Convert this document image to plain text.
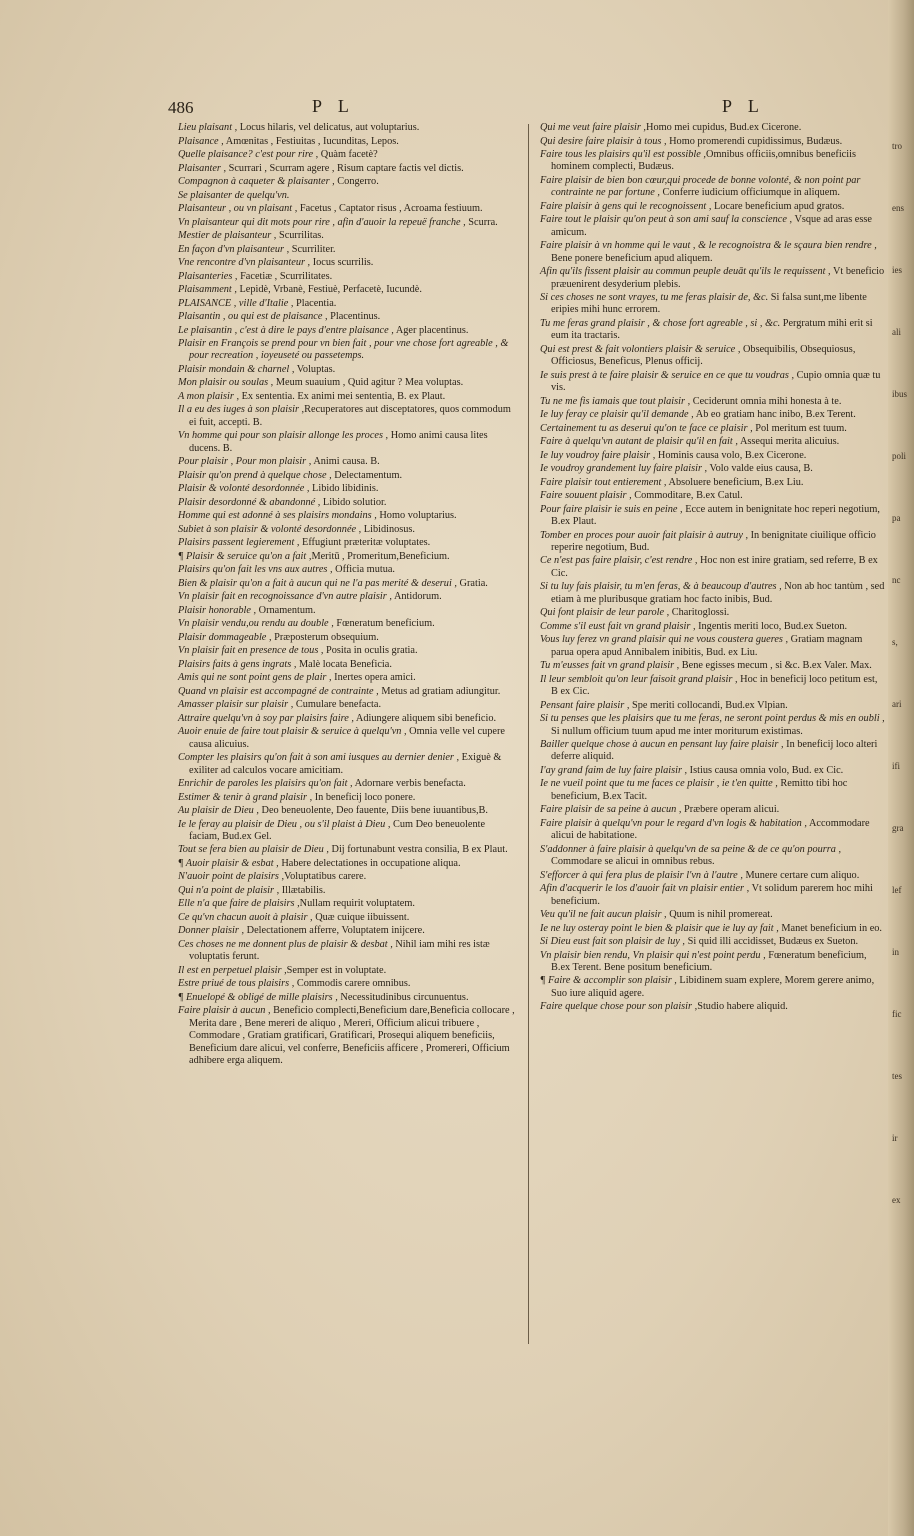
tro
ens
ies
ali
ibus
poli
pa
nc
s,
ari
ifi
gra
lef
in
fic
tes
ir
ex
486	P L	P L

Lieu plaisant , Locus hilaris, vel delicatus, aut voluptarius.

Plaisance , Amœnitas , Festiuitas , Iucunditas, Lepos.

Quelle plaisance? c'est pour rire , Quàm facetè?

Plaisanter , Scurrari , Scurram agere , Risum captare factis vel dictis.

Compagnon à caqueter & plaisanter , Congerro.

Se plaisanter de quelqu'vn.

Plaisanteur , ou vn plaisant , Facetus , Captator risus , Acroama festiuum.

Vn plaisanteur qui dit mots pour rire , afin d'auoir la repeuë franche , Scurra.

Mestier de plaisanteur , Scurrilitas.

En façon d'vn plaisanteur , Scurriliter.

Vne rencontre d'vn plaisanteur , Iocus scurrilis.

Plaisanteries , Facetiæ , Scurrilitates.

Plaisamment , Lepidè, Vrbanè, Festiuè, Perfacetè, Iucundè.

PLAISANCE , ville d'Italie , Placentia.

Plaisantin , ou qui est de plaisance , Placentinus.

Le plaisantin , c'est à dire le pays d'entre plaisance , Ager placentinus.

Plaisir en François se prend pour vn bien fait , pour vne chose fort agreable , & pour recreation , ioyeuseté ou passetemps.

Plaisir mondain & charnel , Voluptas.

Mon plaisir ou soulas , Meum suauium , Quid agitur ? Mea voluptas.

A mon plaisir , Ex sententia. Ex animi mei sententia, B. ex Plaut.

Il a eu des iuges à son plaisir ,Recuperatores aut disceptatores, quos commodum ei fuit, accepti. B.

Vn homme qui pour son plaisir allonge les proces , Homo animi causa lites ducens. B.

Pour plaisir , Pour mon plaisir , Animi causa. B.

Plaisir qu'on prend à quelque chose , Delectamentum.

Plaisir & volonté desordonnée , Libido libidinis.

Plaisir desordonné & abandonné , Libido solutior.

Homme qui est adonné à ses plaisirs mondains , Homo voluptarius.

Subiet à son plaisir & volonté desordonnée , Libidinosus.

Plaisirs passent legierement , Effugiunt præteritæ voluptates.

¶ Plaisir & seruice qu'on a fait ,Meritū , Promeritum,Beneficium.

Plaisirs qu'on fait les vns aux autres , Officia mutua.

Bien & plaisir qu'on a fait à aucun qui ne l'a pas merité & deserui , Gratia.

Vn plaisir fait en recognoissance d'vn autre plaisir , Antidorum.

Plaisir honorable , Ornamentum.

Vn plaisir vendu,ou rendu au double , Fœneratum beneficium.

Plaisir dommageable , Præposterum obsequium.

Vn plaisir fait en presence de tous , Posita in oculis gratia.

Plaisirs faits à gens ingrats , Malè locata Beneficia.

Amis qui ne sont point gens de plair , Inertes opera amici.

Quand vn plaisir est accompagné de contrainte , Metus ad gratiam adiungitur.

Amasser plaisir sur plaisir , Cumulare benefacta.

Attraire quelqu'vn à soy par plaisirs faire , Adiungere aliquem sibi beneficio.

Auoir enuie de faire tout plaisir & seruice à quelqu'vn , Omnia velle vel cupere causa alicuius.

Compter les plaisirs qu'on fait à son ami iusques au dernier denier , Exiguè & exiliter ad calculos vocare amicitiam.

Enrichir de paroles les plaisirs qu'on fait , Adornare verbis benefacta.

Estimer & tenir à grand plaisir , In beneficij loco ponere.

Au plaisir de Dieu , Deo beneuolente, Deo fauente, Diis bene iuuantibus,B.

Ie le feray au plaisir de Dieu , ou s'il plaist à Dieu , Cum Deo beneuolente faciam, Bud.ex Gel.

Tout se fera bien au plaisir de Dieu , Dij fortunabunt vestra consilia, B ex Plaut.

¶ Auoir plaisir & esbat , Habere delectationes in occupatione aliqua.

N'auoir point de plaisirs ,Voluptatibus carere.

Qui n'a point de plaisir , Illætabilis.

Elle n'a que faire de plaisirs ,Nullam requirit voluptatem.

Ce qu'vn chacun auoit à plaisir , Quæ cuique iibuissent.

Donner plaisir , Delectationem afferre, Voluptatem inijcere.

Ces choses ne me donnent plus de plaisir & desbat , Nihil iam mihi res istæ voluptatis ferunt.

Il est en perpetuel plaisir ,Semper est in voluptate.

Estre priué de tous plaisirs , Commodis carere omnibus.

¶ Enuelopé & obligé de mille plaisirs , Necessitudinibus circunuentus.

Faire plaisir à aucun , Beneficio complecti,Beneficium dare,Beneficia collocare , Merita dare , Bene mereri de aliquo , Mereri, Officium alicui tribuere , Commodare , Gratiam gratificari, Gratificari, Prosequi aliquem beneficiis, Beneficium dare alicui, vel conferre, Beneficiis afficere , Promereri, Officium adhibere erga aliquem.

Qui me veut faire plaisir ,Homo mei cupidus, Bud.ex Cicerone.

Qui desire faire plaisir à tous , Homo promerendi cupidissimus, Budæus.

Faire tous les plaisirs qu'il est possible ,Omnibus officiis,omnibus beneficiis hominem complecti, Budæus.

Faire plaisir de bien bon cœur,qui procede de bonne volonté, & non point par contrainte ne par fortune , Conferre iudicium officiumque in aliquem.

Faire plaisir à gens qui le recognoissent , Locare beneficium apud gratos.

Faire tout le plaisir qu'on peut à son ami sauf la conscience , Vsque ad aras esse amicum.

Faire plaisir à vn homme qui le vaut , & le recognoistra & le sçaura bien rendre , Bene ponere beneficium apud aliquem.

Afin qu'ils fissent plaisir au commun peuple deuāt qu'ils le requissent , Vt beneficio præuenirent desyderium plebis.

Si ces choses ne sont vrayes, tu me feras plaisir de, &c. Si falsa sunt,me libente eripies mihi hunc errorem.

Tu me feras grand plaisir , & chose fort agreable , si , &c. Pergratum mihi erit si eum ita tractaris.

Qui est prest & fait volontiers plaisir & seruice , Obsequibilis, Obsequiosus, Officiosus, Beneficus, Plenus officij.

Ie suis prest à te faire plaisir & seruice en ce que tu voudras , Cupio omnia quæ tu vis.

Tu ne me fis iamais que tout plaisir , Ceciderunt omnia mihi honesta à te.

Ie luy feray ce plaisir qu'il demande , Ab eo gratiam hanc inibo, B.ex Terent.

Certainement tu as deserui qu'on te face ce plaisir , Pol meritum est tuum.

Faire à quelqu'vn autant de plaisir qu'il en fait , Assequi merita alicuius.

Ie luy voudroy faire plaisir , Hominis causa volo, B.ex Cicerone.

Ie voudroy grandement luy faire plaisir , Volo valde eius causa, B.

Faire plaisir tout entierement , Absoluere beneficium, B.ex Liu.

Faire souuent plaisir , Commoditare, B.ex Catul.

Pour faire plaisir ie suis en peine , Ecce autem in benignitate hoc reperi negotium, B.ex Plaut.

Tomber en proces pour auoir fait plaisir à autruy , In benignitate ciuilique officio reperire negotium, Bud.

Ce n'est pas faire plaisir, c'est rendre , Hoc non est inire gratiam, sed referre, B ex Cic.

Si tu luy fais plaisir, tu m'en feras, & à beaucoup d'autres , Non ab hoc tantùm , sed etiam à me pluribusque gratiam hoc facto inibis, Bud.

Qui font plaisir de leur parole , Charitoglossi.

Comme s'il eust fait vn grand plaisir , Ingentis meriti loco, Bud.ex Sueton.

Vous luy ferez vn grand plaisir qui ne vous coustera gueres , Gratiam magnam parua opera apud Annibalem inibitis, Bud. ex Liu.

Tu m'eusses fait vn grand plaisir , Bene egisses mecum , si &c. B.ex Valer. Max.

Il leur sembloit qu'on leur faisoit grand plaisir , Hoc in beneficij loco petitum est, B ex Cic.

Pensant faire plaisir , Spe meriti collocandi, Bud.ex Vlpian.

Si tu penses que les plaisirs que tu me feras, ne seront point perdus & mis en oubli , Si nullum officium tuum apud me inter moriturum existimas.

Bailler quelque chose à aucun en pensant luy faire plaisir , In beneficij loco alteri deferre aliquid.

I'ay grand faim de luy faire plaisir , Istius causa omnia volo, Bud. ex Cic.

Ie ne vueil point que tu me faces ce plaisir , ie t'en quitte , Remitto tibi hoc beneficium, B.ex Tacit.

Faire plaisir de sa peine à aucun , Præbere operam alicui.

Faire plaisir à quelqu'vn pour le regard d'vn logis & habitation , Accommodare alicui de habitatione.

S'addonner à faire plaisir à quelqu'vn de sa peine & de ce qu'on pourra , Commodare se alicui in omnibus rebus.

S'efforcer à qui fera plus de plaisir l'vn à l'autre , Munere certare cum aliquo.

Afin d'acquerir le los d'auoir fait vn plaisir entier , Vt solidum parerem hoc mihi beneficium.

Veu qu'il ne fait aucun plaisir , Quum is nihil promereat.

Ie ne luy osteray point le bien & plaisir que ie luy ay fait , Manet beneficium in eo.

Si Dieu eust fait son plaisir de luy , Si quid illi accidisset, Budæus ex Sueton.

Vn plaisir bien rendu, Vn plaisir qui n'est point perdu , Fœneratum beneficium, B.ex Terent. Bene positum beneficium.

¶ Faire & accomplir son plaisir , Libidinem suam explere, Morem gerere animo, Suo iure aliquid agere.

Faire quelque chose pour son plaisir ,Studio habere aliquid.
